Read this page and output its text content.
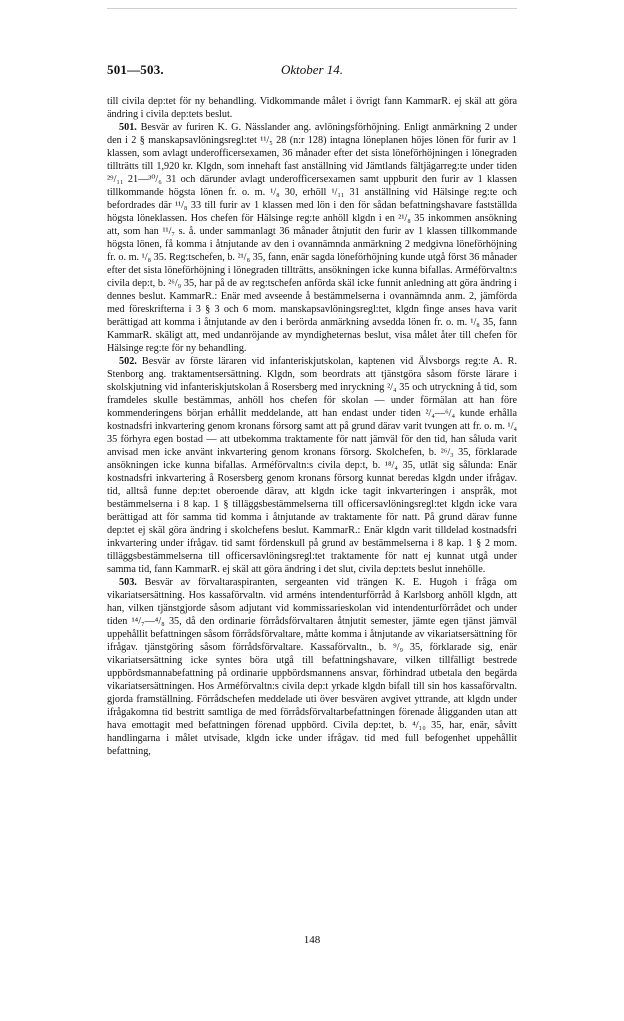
501—503.	Oktober 14.

till civila dep:tet för ny behandling. Vidkommande målet i övrigt fann KammarR. ej skäl att göra ändring i civila dep:tets beslut.

501. Besvär av furiren K. G. Nässlander ang. avlöningsförhöjning. Enligt anmärkning 2 under den i 2 § manskapsavlöningsregl:tet ¹¹/₅ 28 (n:r 128) intagna löneplanen höjes lönen för furir av 1 klassen, som avlagt underofficersexamen, 36 månader efter det sista löneförhöjningen i lönegraden tillträtts till 1,920 kr. Klgdn, som innehaft fast anställning vid Jämtlands fältjägarreg:te under tiden ²⁹/₁₁ 21—³⁰/₆ 31 och därunder avlagt underofficersexamen samt uppburit den furir av 1 klassen tillkommande högsta lönen fr. o. m. ¹/₈ 30, erhöll ¹/₁₁ 31 anställning vid Hälsinge reg:te och befordrades där ¹¹/₈ 33 till furir av 1 klassen med lön i den för sådan befattningshavare fastställda högsta löneklassen. Hos chefen för Hälsinge reg:te anhöll klgdn i en ²¹/₈ 35 inkommen ansökning att, som han ¹¹/₇ s. å. under sammanlagt 36 månader åtnjutit den furir av 1 klassen tillkommande högsta lönen, få komma i åtnjutande av den i ovannämnda anmärkning 2 medgivna löneförhöjning fr. o. m. ¹/₈ 35. Reg:tschefen, b. ²¹/₈ 35, fann, enär sagda löneförhöjning kunde utgå först 36 månader efter det sista löneförhöjning i lönegraden tillträtts, ansökningen icke kunna bifallas. Arméförvaltn:s civila dep:t, b. ²⁶/₉ 35, har på de av reg:tschefen anförda skäl icke funnit anledning att göra ändring i dennes beslut. KammarR.: Enär med avseende å bestämmelserna i ovannämnda anm. 2, jämförda med föreskrifterna i 3 § 3 och 6 mom. manskapsavlöningsregl:tet, klgdn finge anses hava varit berättigad att komma i åtnjutande av den i berörda anmärkning avsedda lönen fr. o. m. ¹/₈ 35, fann KammarR. skäligt att, med undanröjande av myndigheternas beslut, visa målet åter till chefen för Hälsinge reg:te för ny behandling.

502. Besvär av förste läraren vid infanteriskjutskolan, kaptenen vid Älvsborgs reg:te A. R. Stenborg ang. traktamentsersättning. Klgdn, som beordrats att tjänstgöra såsom förste lärare i skolskjutning vid infanteriskjutskolan å Rosersberg med inryckning ²/₄ 35 och utryckning å tid, som framdeles skulle bestämmas, anhöll hos chefen för skolan — under förmälan att han före kommenderingens början erhållit meddelande, att han endast under tiden ²/₄—⁶/₄ kunde erhålla kostnadsfri inkvartering genom kronans försorg samt att på grund därav varit tvungen att fr. o. m. ¹/₄ 35 förhyra egen bostad — att utbekomma traktamente för natt jämväl för den tid, han såluda varit anvisad men icke använt inkvartering genom kronans försorg. Skolchefen, b. ²⁶/₃ 35, förklarade ansökningen icke kunna bifallas. Arméförvaltn:s civila dep:t, b. ¹⁸/₄ 35, utlät sig sålunda: Enär kostnadsfri inkvartering å Rosersberg genom kronans försorg kunnat beredas klgdn under ifrågav. tid, alltså funne dep:tet oberoende därav, att klgdn icke tagit inkvarteringen i anspråk, mot bestämmelserna i 8 kap. 1 § tilläggsbestämmelserna till officersavlöningsregl:tet klgdn icke vara berättigad att för samma tid komma i åtnjutande av traktamente för natt. På grund därav funne dep:tet ej skäl göra ändring i skolchefens beslut. KammarR.: Enär klgdn varit tilldelad kostnadsfri inkvartering under ifrågav. tid samt fördenskull på grund av bestämmelserna i 8 kap. 1 § 2 mom. tilläggsbestämmelserna till officersavlöningsregl:tet traktamente för natt ej kunnat utgå under samma tid, fann KammarR. ej skäl att göra ändring i det slut, civila dep:tets beslut innehölle.

503. Besvär av förvaltaraspiranten, sergeanten vid trängen K. E. Hugoh i fråga om vikariatsersättning. Hos kassaförvaltn. vid arméns intendenturförråd å Karlsborg anhöll klgdn, att han, vilken tjänstgjorde såsom adjutant vid kommissarieskolan vid intendenturförrådet och under tiden ¹⁴/₇—⁴/₈ 35, då den ordinarie förrådsförvaltaren åtnjutit semester, jämte egen tjänst jämväl uppehållit befattningen såsom förrådsförvaltare, måtte komma i åtnjutande av vikariatsersättning för ifrågav. tjänstgöring såsom förrådsförvaltare. Kassaförvaltn., b. ⁹/₉ 35, förklarade sig, enär vikariatsersättning icke syntes böra utgå till befattningshavare, vilken tillfälligt bestrede uppbördsmannabefattning på ordinarie uppbördsmannens ansvar, förhindrad utbetala den begärda vikariatsersättningen. Hos Arméförvaltn:s civila dep:t yrkade klgdn bifall till sin hos kassaförvaltn. gjorda framställning. Förrådschefen meddelade uti över besvären avgivet yttrande, att klgdn under ifrågakomna tid bestritt samtliga de med förrådsförvaltarbefattningen förenade åligganden utan att hava emottagit med befattningen förenad uppbörd. Civila dep:tet, b. ⁴/₁₀ 35, har, enär, såvitt handlingarna i målet utvisade, klgdn icke under ifrågav. tid med full befogenhet uppehållit befattning,

148
